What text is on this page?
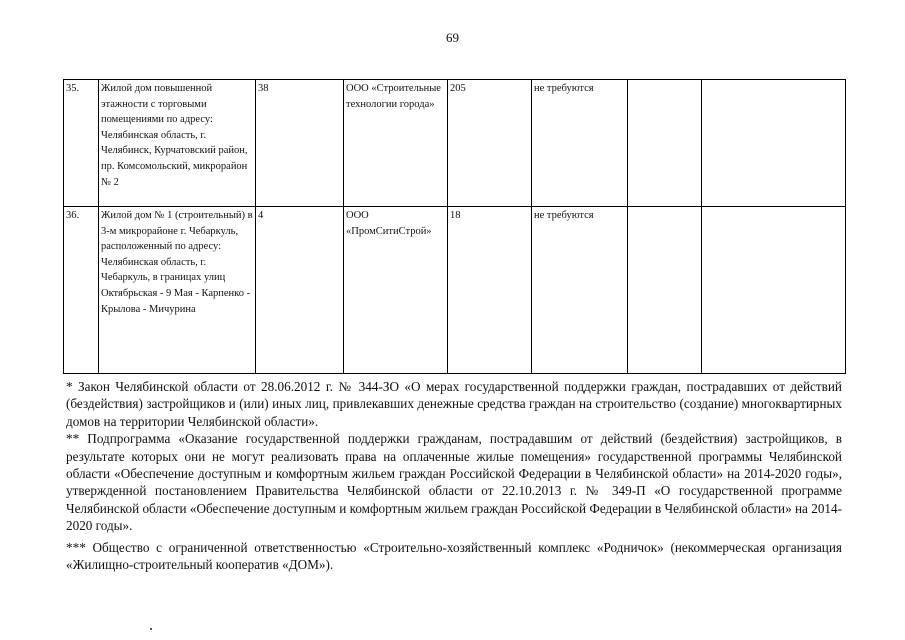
69
35.	Жилой дом повышенной этажности с торговыми помещениями по адресу: Челябинская область, г. Челябинск, Курчатовский район, пр. Комсомольский, микрорайон № 2	38	ООО «Строительные технологии города»	205	не требуются		
36.	Жилой дом № 1 (строительный) в 3-м микрорайоне г. Чебаркуль, расположенный по адресу: Челябинская область, г. Чебаркуль, в границах улиц Октябрьская - 9 Мая - Карпенко - Крылова - Мичурина	4	ООО «ПромСитиСтрой»	18	не требуются		

* Закон Челябинской области от 28.06.2012 г. № 344-ЗО «О мерах государственной поддержки граждан, пострадавших от действий (бездействия) застройщиков и (или) иных лиц, привлекавших денежные средства граждан на строительство (создание) многоквартирных домов на территории Челябинской области».

** Подпрограмма «Оказание государственной поддержки гражданам, пострадавшим от действий (бездействия) застройщиков, в результате которых они не могут реализовать права на оплаченные жилые помещения» государственной программы Челябинской области «Обеспечение доступным и комфортным жильем граждан Российской Федерации в Челябинской области» на 2014-2020 годы», утвержденной постановлением Правительства Челябинской области от 22.10.2013 г. № 349-П «О государственной программе Челябинской области «Обеспечение доступным и комфортным жильем граждан Российской Федерации в Челябинской области» на 2014-2020 годы».

*** Общество с ограниченной ответственностью «Строительно-хозяйственный комплекс «Родничок» (некоммерческая организация «Жилищно-строительный кооператив «ДОМ»).
